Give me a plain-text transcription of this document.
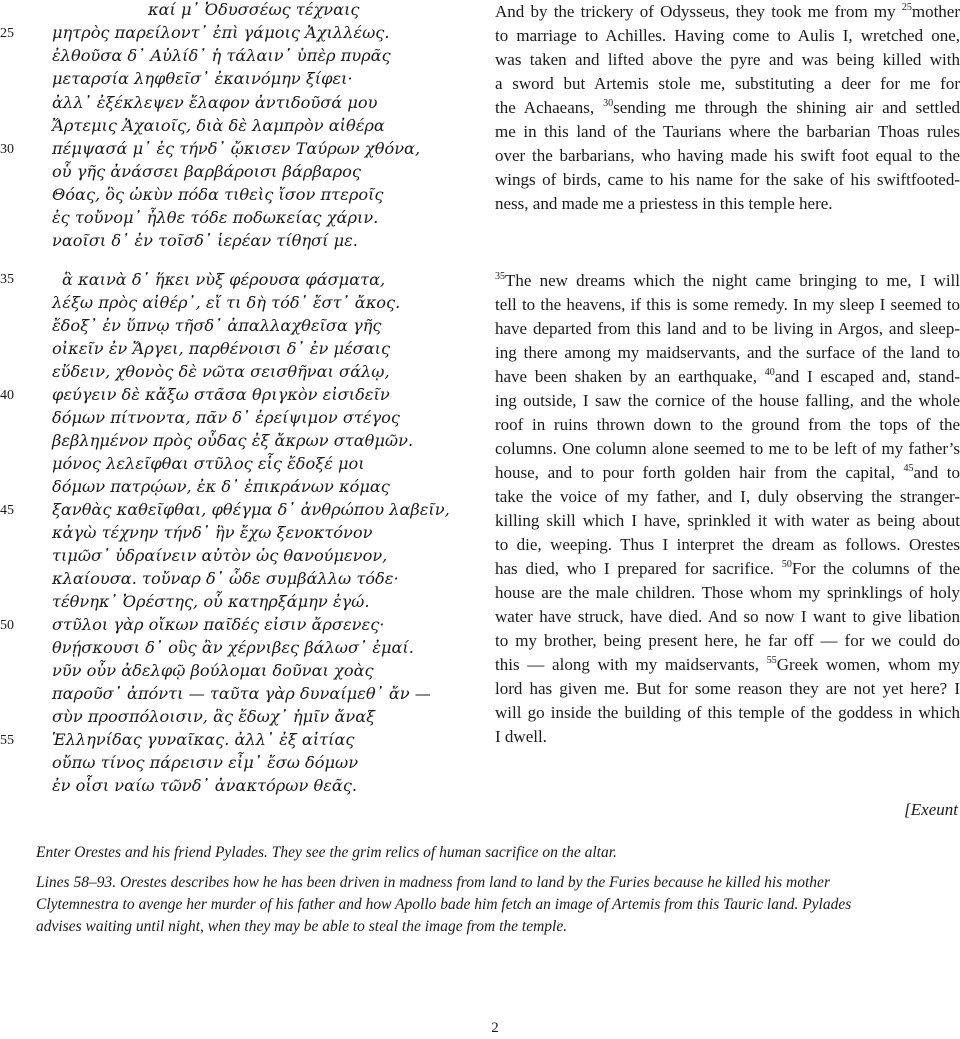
καί μ᾽ Ὀδυσσέως τέχναις
25	μητρὸς παρείλοντ᾽ ἐπὶ γάμοις Ἀχιλλέως.
ἐλθοῦσα δ᾽ Αὐλίδ᾽ ἡ τάλαιν᾽ ὑπὲρ πυρᾶς
μεταρσία ληφθεῖσ᾽ ἐκαινόμην ξίφει·
ἀλλ᾽ ἐξέκλεψεν ἔλαφον ἀντιδοῦσά μου
Ἄρτεμις Ἀχαιοῖς, διὰ δὲ λαμπρὸν αἰθέρα
30	πέμψασά μ᾽ ἐς τήνδ᾽ ᾤκισεν Ταύρων χθόνα,
οὗ γῆς ἀνάσσει βαρβάροισι βάρβαρος
Θόας, ὃς ὠκὺν πόδα τιθεὶς ἴσον πτεροῖς
ἐς τοὔνομ᾽ ἦλθε τόδε ποδωκείας χάριν.
ναοῖσι δ᾽ ἐν τοῖσδ᾽ ἱερέαν τίθησί με.
35	ἃ καινὰ δ᾽ ἥκει νὺξ φέρουσα φάσματα,
λέξω πρὸς αἰθέρ᾽, εἴ τι δὴ τόδ᾽ ἔστ᾽ ἄκος.
ἔδοξ᾽ ἐν ὕπνῳ τῆσδ᾽ ἀπαλλαχθεῖσα γῆς
οἰκεῖν ἐν Ἄργει, παρθένοισι δ᾽ ἐν μέσαις
εὕδειν, χθονὸς δὲ νῶτα σεισθῆναι σάλῳ,
40	φεύγειν δὲ κἄξω στᾶσα θριγκὸν εἰσιδεῖν
δόμων πίτνοντα, πᾶν δ᾽ ἐρείψιμον στέγος
βεβλημένον πρὸς οὖδας ἐξ ἄκρων σταθμῶν.
μόνος λελεῖφθαι στῦλος εἷς ἔδοξέ μοι
δόμων πατρῴων, ἐκ δ᾽ ἐπικράνων κόμας
45	ξανθὰς καθεῖφθαι, φθέγμα δ᾽ ἀνθρώπου λαβεῖν,
κἀγὼ τέχνην τήνδ᾽ ἣν ἔχω ξενοκτόνον
τιμῶσ᾽ ὑδραίνειν αὐτὸν ὡς θανούμενον,
κλαίουσα. τοὔναρ δ᾽ ὧδε συμβάλλω τόδε·
τέθνηκ᾽ Ὀρέστης, οὗ κατηρξάμην ἐγώ.
50	στῦλοι γὰρ οἴκων παῖδές εἰσιν ἄρσενες·
θνῄσκουσι δ᾽ οὓς ἂν χέρνιβες βάλωσ᾽ ἐμαί.
νῦν οὖν ἀδελφῷ βούλομαι δοῦναι χοὰς
παροῦσ᾽ ἀπόντι — ταῦτα γὰρ δυναίμεθ᾽ ἄν —
σὺν προσπόλοισιν, ἃς ἔδωχ᾽ ἡμῖν ἄναξ
55	Ἑλληνίδας γυναῖκας. ἀλλ᾽ ἐξ αἰτίας
οὔπω τίνος πάρεισιν εἶμ᾽ ἔσω δόμων
ἐν οἷσι ναίω τῶνδ᾽ ἀνακτόρων θεᾶς.
And by the trickery of Odysseus, they took me from my $^{25}$mother
to marriage to Achilles. Having come to Aulis I, wretched one,
was taken and lifted above the pyre and was being killed with
a sword but Artemis stole me, substituting a deer for me for
the Achaeans, $^{30}$sending me through the shining air and settled
me in this land of the Taurians where the barbarian Thoas rules
over the barbarians, who having made his swift foot equal to the
wings of birds, came to his name for the sake of his swiftfooted-
ness, and made me a priestess in this temple here.
$^{35}$The new dreams which the night came bringing to me, I will
tell to the heavens, if this is some remedy. In my sleep I seemed to
have departed from this land and to be living in Argos, and sleep-
ing there among my maidservants, and the surface of the land to
have been shaken by an earthquake, $^{40}$and I escaped and, stand-
ing outside, I saw the cornice of the house falling, and the whole
roof in ruins thrown down to the ground from the tops of the
columns. One column alone seemed to me to be left of my father’s
house, and to pour forth golden hair from the capital, $^{45}$and to
take the voice of my father, and I, duly observing the stranger-
killing skill which I have, sprinkled it with water as being about
to die, weeping. Thus I interpret the dream as follows. Orestes
has died, who I prepared for sacrifice. $^{50}$For the columns of the
house are the male children. Those whom my sprinklings of holy
water have struck, have died. And so now I want to give libation
to my brother, being present here, he far off — for we could do
this — along with my maidservants, $^{55}$Greek women, whom my
lord has given me. But for some reason they are not yet here? I
will go inside the building of this temple of the goddess in which
I dwell.
[Exeunt
Enter Orestes and his friend Pylades. They see the grim relics of human sacrifice on the altar.
Lines 58–93. Orestes describes how he has been driven in madness from land to land by the Furies because he killed his mother
Clytemnestra to avenge her murder of his father and how Apollo bade him fetch an image of Artemis from this Tauric land. Pylades
advises waiting until night, when they may be able to steal the image from the temple.
2
